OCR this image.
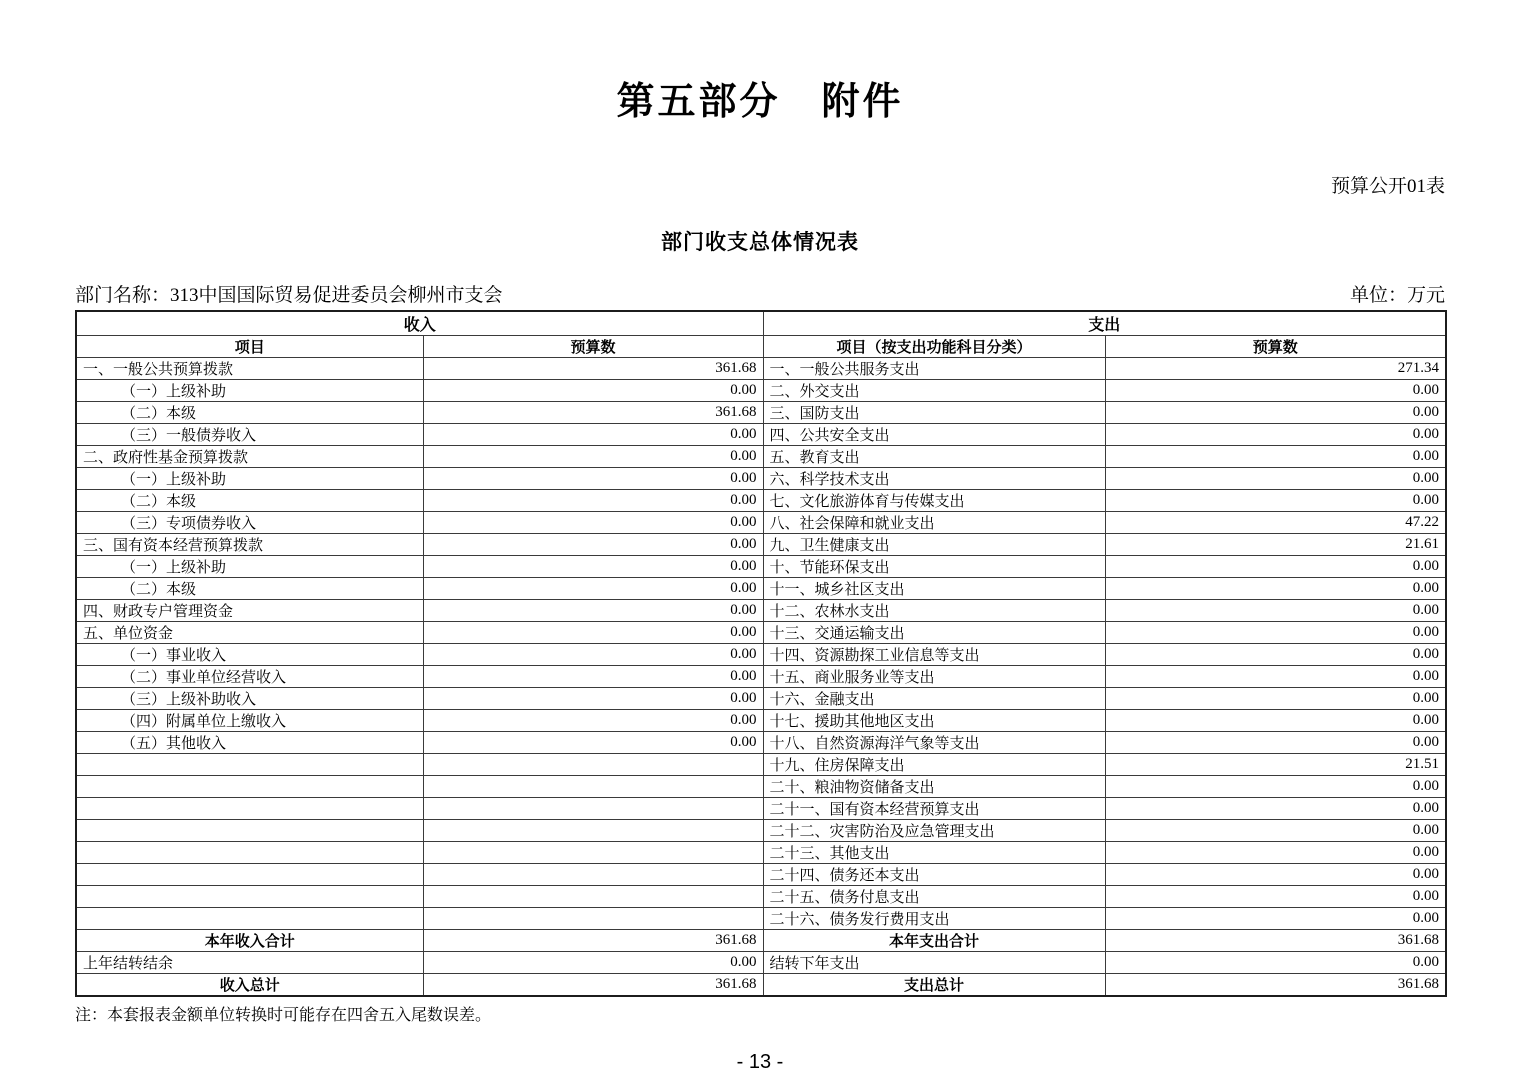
第五部分　附件
预算公开01表
部门收支总体情况表
部门名称：313中国国际贸易促进委员会柳州市支会	单位：万元
收入		支出	
项目	预算数	项目（按支出功能科目分类）	预算数
一、一般公共预算拨款	361.68	一、一般公共服务支出	271.34
（一）上级补助	0.00	二、外交支出	0.00
（二）本级	361.68	三、国防支出	0.00
（三）一般债券收入	0.00	四、公共安全支出	0.00
二、政府性基金预算拨款	0.00	五、教育支出	0.00
（一）上级补助	0.00	六、科学技术支出	0.00
（二）本级	0.00	七、文化旅游体育与传媒支出	0.00
（三）专项债券收入	0.00	八、社会保障和就业支出	47.22
三、国有资本经营预算拨款	0.00	九、卫生健康支出	21.61
（一）上级补助	0.00	十、节能环保支出	0.00
（二）本级	0.00	十一、城乡社区支出	0.00
四、财政专户管理资金	0.00	十二、农林水支出	0.00
五、单位资金	0.00	十三、交通运输支出	0.00
（一）事业收入	0.00	十四、资源勘探工业信息等支出	0.00
（二）事业单位经营收入	0.00	十五、商业服务业等支出	0.00
（三）上级补助收入	0.00	十六、金融支出	0.00
（四）附属单位上缴收入	0.00	十七、援助其他地区支出	0.00
（五）其他收入	0.00	十八、自然资源海洋气象等支出	0.00
		十九、住房保障支出	21.51
		二十、粮油物资储备支出	0.00
		二十一、国有资本经营预算支出	0.00
		二十二、灾害防治及应急管理支出	0.00
		二十三、其他支出	0.00
		二十四、债务还本支出	0.00
		二十五、债务付息支出	0.00
		二十六、债务发行费用支出	0.00
本年收入合计	361.68	本年支出合计	361.68
上年结转结余	0.00	结转下年支出	0.00
收入总计	361.68	支出总计	361.68
注：本套报表金额单位转换时可能存在四舍五入尾数误差。
- 13 -
